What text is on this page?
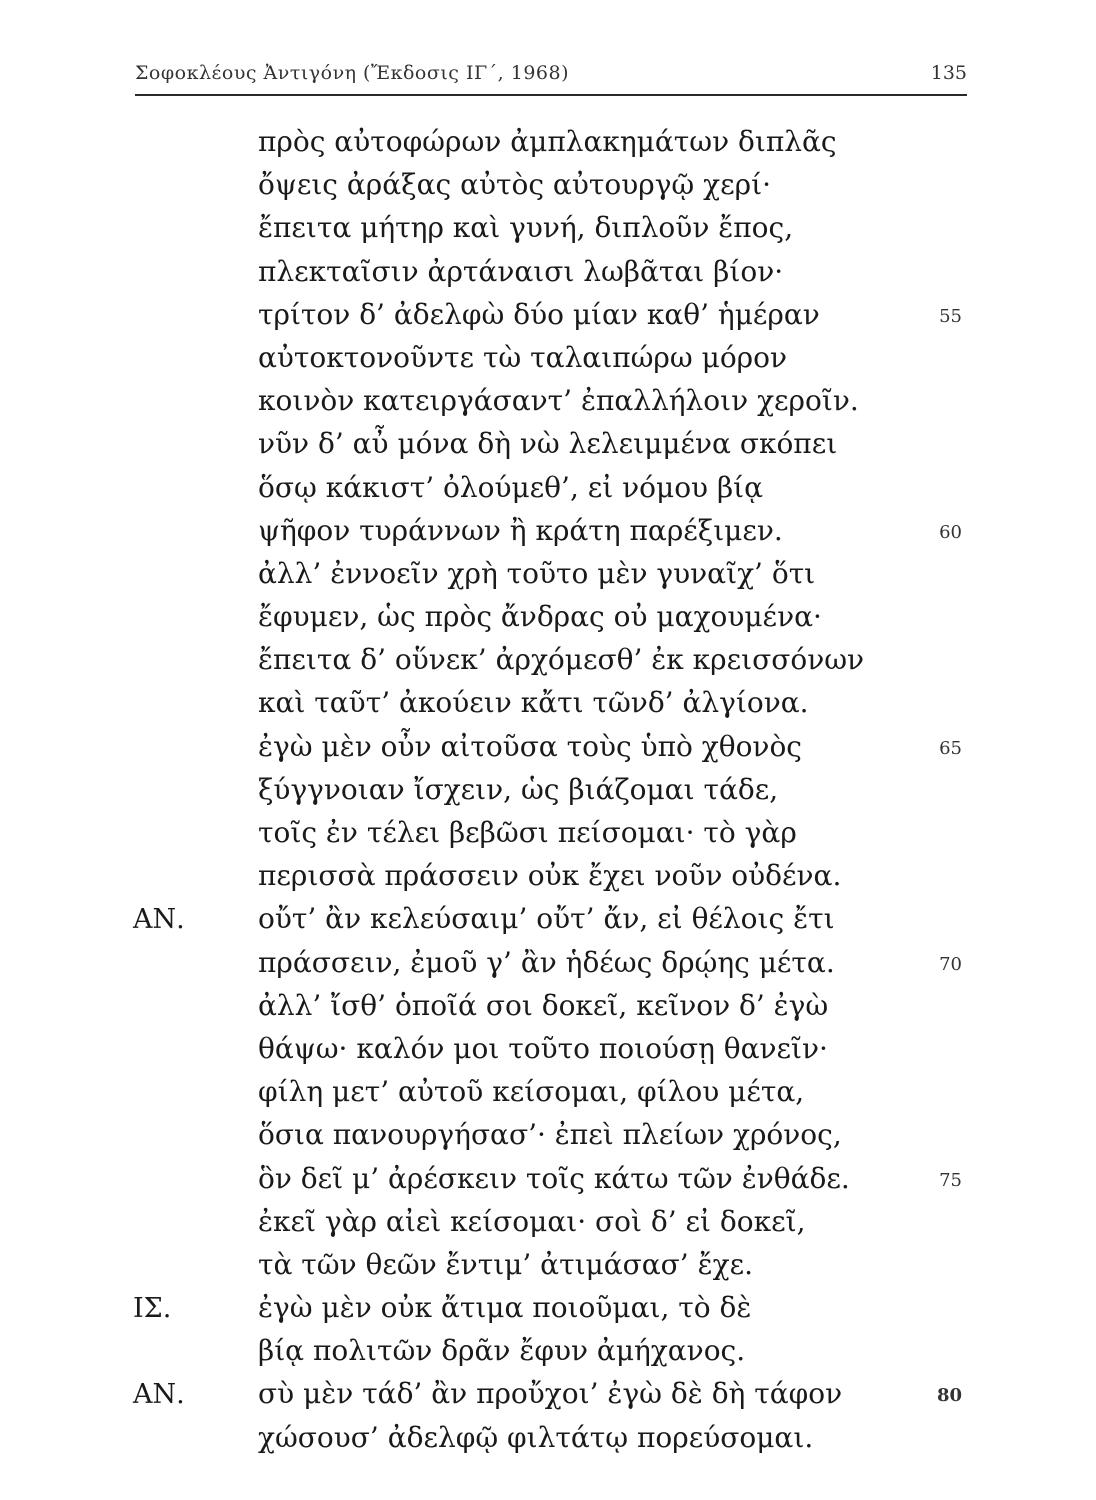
Σοφοκλέους Ἀντιγόνη (Ἔκδοσις ΙΓ΄, 1968)	135
πρὸς αὐτοφώρων ἀμπλακημάτων διπλᾶς
ὄψεις ἀράξας αὐτὸς αὐτουργῷ χερί·
ἔπειτα μήτηρ καὶ γυνή, διπλοῦν ἔπος,
πλεκταῖσιν ἀρτάναισι λωβᾶται βίον·
τρίτον δ’ ἀδελφὼ δύο μίαν καθ’ ἡμέραν	55
αὐτοκτονοῦντε τὼ ταλαιπώρω μόρον
κοινὸν κατειργάσαντ’ ἐπαλλήλοιν χεροῖν.
νῦν δ’ αὖ μόνα δὴ νὼ λελειμμένα σκόπει
ὅσῳ κάκιστ’ ὀλούμεθ’, εἰ νόμου βίᾳ
ψῆφον τυράννων ἢ κράτη παρέξιμεν.	60
ἀλλ’ ἐννοεῖν χρὴ τοῦτο μὲν γυναῖχ’ ὅτι
ἔφυμεν, ὡς πρὸς ἄνδρας οὐ μαχουμένα·
ἔπειτα δ’ οὕνεκ’ ἀρχόμεσθ’ ἐκ κρεισσόνων
καὶ ταῦτ’ ἀκούειν κἄτι τῶνδ’ ἀλγίονα.
ἐγὼ μὲν οὖν αἰτοῦσα τοὺς ὑπὸ χθονὸς	65
ξύγγνοιαν ἴσχειν, ὡς βιάζομαι τάδε,
τοῖς ἐν τέλει βεβῶσι πείσομαι· τὸ γὰρ
περισσὰ πράσσειν οὐκ ἔχει νοῦν οὐδένα.
ΑΝ.	οὔτ’ ἂν κελεύσαιμ’ οὔτ’ ἄν, εἰ θέλοις ἔτι
πράσσειν, ἐμοῦ γ’ ἂν ἡδέως δρῴης μέτα.	70
ἀλλ’ ἴσθ’ ὁποῖά σοι δοκεῖ, κεῖνον δ’ ἐγὼ
θάψω· καλόν μοι τοῦτο ποιούσῃ θανεῖν·
φίλη μετ’ αὐτοῦ κείσομαι, φίλου μέτα,
ὅσια πανουργήσασ’· ἐπεὶ πλείων χρόνος,
ὃν δεῖ μ’ ἀρέσκειν τοῖς κάτω τῶν ἐνθάδε.	75
ἐκεῖ γὰρ αἰεὶ κείσομαι· σοὶ δ’ εἰ δοκεῖ,
τὰ τῶν θεῶν ἔντιμ’ ἀτιμάσασ’ ἔχε.
ΙΣ.	ἐγὼ μὲν οὐκ ἄτιμα ποιοῦμαι, τὸ δὲ
βίᾳ πολιτῶν δρᾶν ἔφυν ἀμήχανος.
ΑΝ.	σὺ μὲν τάδ’ ἂν προὔχοι’ ἐγὼ δὲ δὴ τάφον	80
χώσουσ’ ἀδελφῷ φιλτάτῳ πορεύσομαι.
